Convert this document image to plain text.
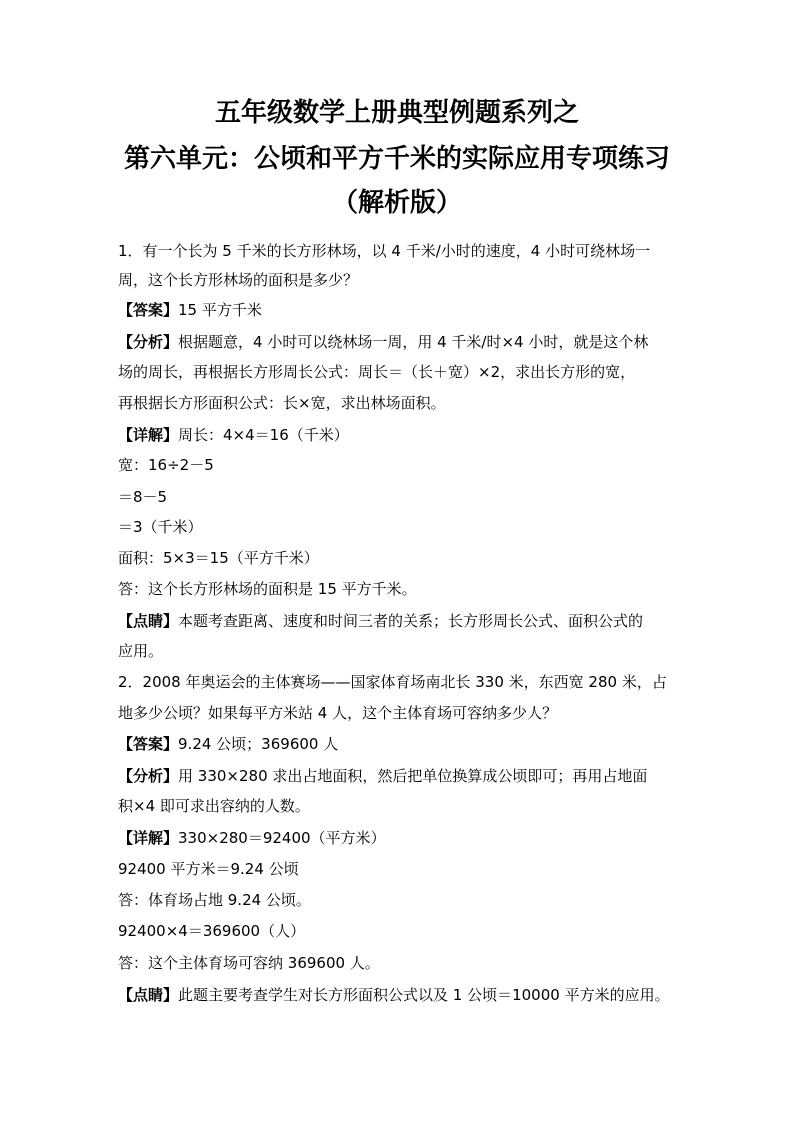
五年级数学上册典型例题系列之
第六单元：公顷和平方千米的实际应用专项练习
（解析版）
1．有一个长为 5 千米的长方形林场，以 4 千米/小时的速度，4 小时可绕林场一
周，这个长方形林场的面积是多少？
【答案】15 平方千米
【分析】根据题意，4 小时可以绕林场一周，用 4 千米/时×4 小时，就是这个林
场的周长，再根据长方形周长公式：周长＝（长＋宽）×2，求出长方形的宽，
再根据长方形面积公式：长×宽，求出林场面积。
【详解】周长：4×4＝16（千米）
宽：16÷2－5
＝8－5
＝3（千米）
面积：5×3＝15（平方千米）
答：这个长方形林场的面积是 15 平方千米。
【点睛】本题考查距离、速度和时间三者的关系；长方形周长公式、面积公式的
应用。
2．2008 年奥运会的主体赛场——国家体育场南北长 330 米，东西宽 280 米，占
地多少公顷？如果每平方米站 4 人，这个主体育场可容纳多少人？
【答案】9.24 公顷；369600 人
【分析】用 330×280 求出占地面积，然后把单位换算成公顷即可；再用占地面
积×4 即可求出容纳的人数。
【详解】330×280＝92400（平方米）
92400 平方米＝9.24 公顷
答：体育场占地 9.24 公顷。
92400×4＝369600（人）
答：这个主体育场可容纳 369600 人。
【点睛】此题主要考查学生对长方形面积公式以及 1 公顷＝10000 平方米的应用。
